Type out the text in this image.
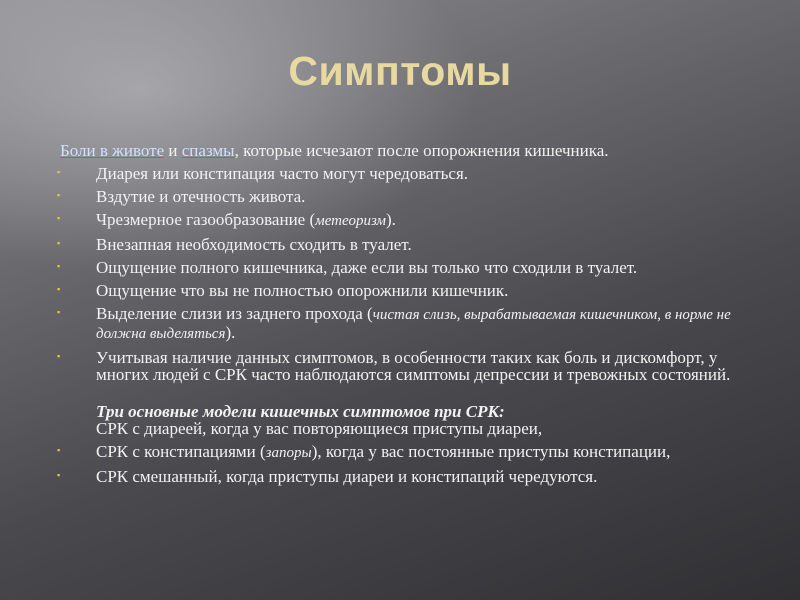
Симптомы
Боли в животе и спазмы, которые исчезают после опорожнения кишечника.
▪
Диарея или констипация часто могут чередоваться.
▪
Вздутие и отечность живота.
▪
Чрезмерное газообразование (метеоризм).
▪
Внезапная необходимость сходить в туалет.
▪
Ощущение полного кишечника, даже если вы только что сходили в туалет.
▪
Ощущение что вы не полностью опорожнили кишечник.
▪
Выделение слизи из заднего прохода (чистая слизь, вырабатываемая кишечником, в норме не должна выделяться).
▪
Учитывая наличие данных симптомов, в особенности таких как боль и дискомфорт, у многих людей с СРК часто наблюдаются симптомы депрессии и тревожных состояний.
Три основные модели кишечных симптомов при СРК:
СРК с диареей, когда у вас повторяющиеся приступы диареи,
▪
СРК с констипациями (запоры), когда у вас постоянные приступы констипации,
▪
СРК смешанный, когда приступы диареи и констипаций чередуются.
